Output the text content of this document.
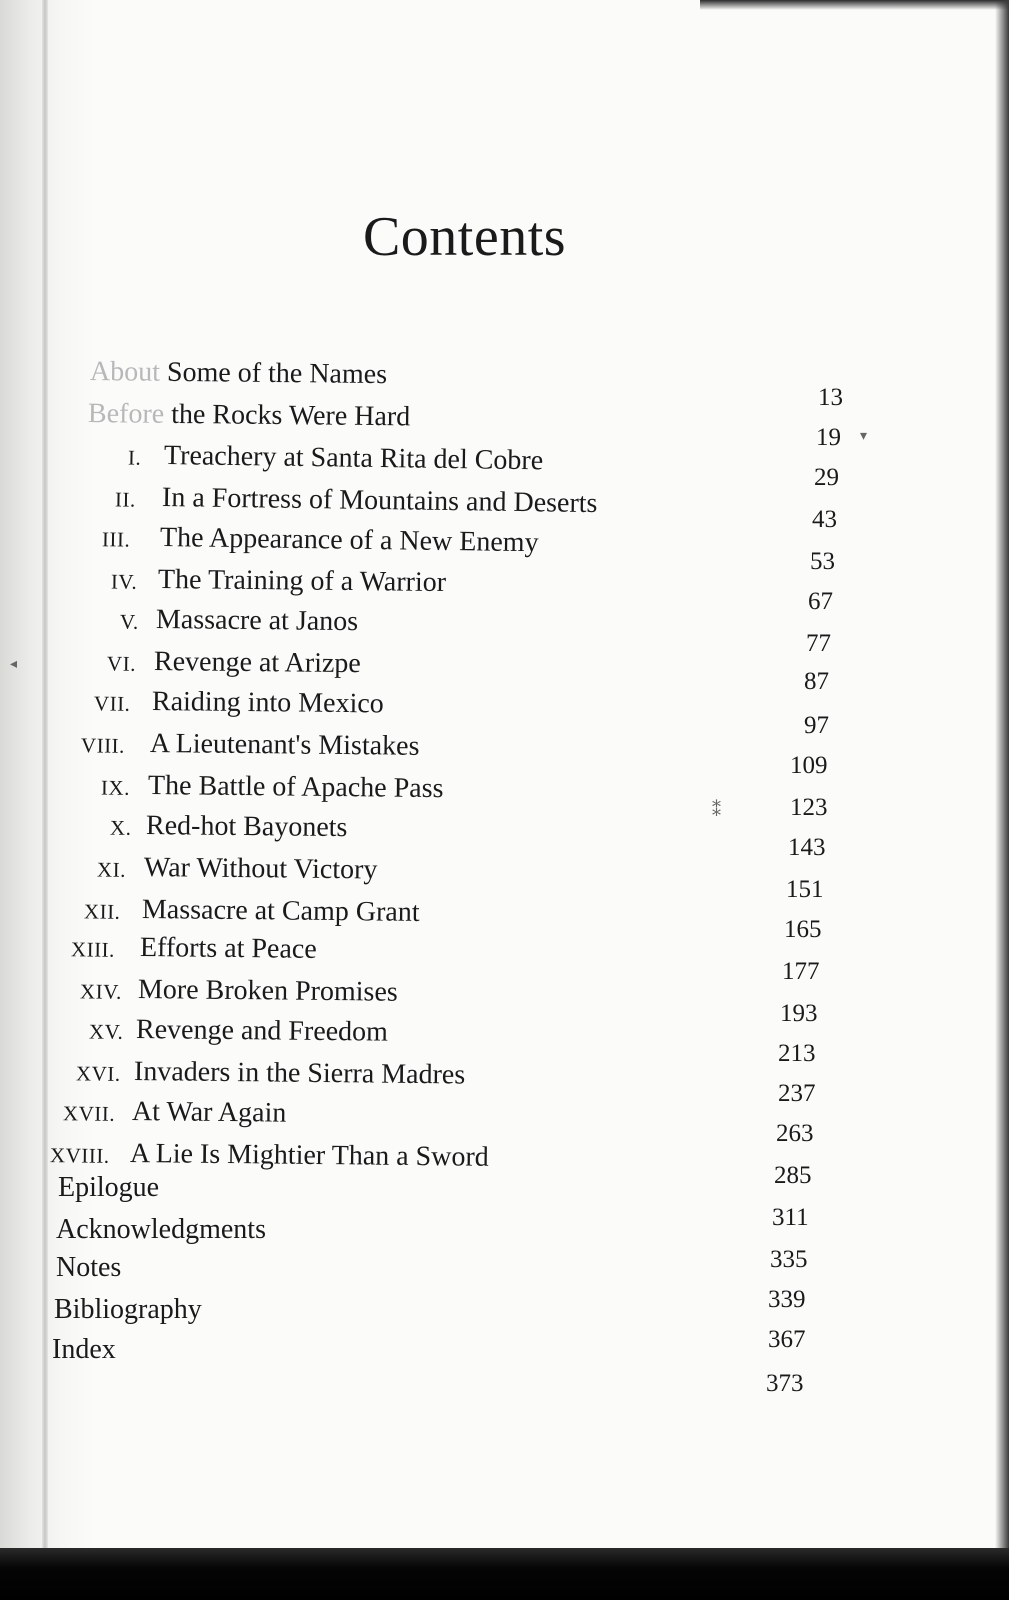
Contents
About Some of the Names
Before the Rocks Were Hard
I. Treachery at Santa Rita del Cobre
II. In a Fortress of Mountains and Deserts
III. The Appearance of a New Enemy
IV. The Training of a Warrior
V. Massacre at Janos
VI. Revenge at Arizpe
VII. Raiding into Mexico
VIII. A Lieutenant's Mistakes
IX. The Battle of Apache Pass
X. Red-hot Bayonets
XI. War Without Victory
XII. Massacre at Camp Grant
XIII. Efforts at Peace
XIV. More Broken Promises
XV. Revenge and Freedom
XVI. Invaders in the Sierra Madres
XVII. At War Again
XVIII. A Lie Is Mightier Than a Sword
Epilogue
Acknowledgments
Notes
Bibliography
Index
13
19
29
43
53
67
77
87
97
109
123
143
151
165
177
193
213
237
263
285
311
335
339
367
373
▾
◂
⁑
